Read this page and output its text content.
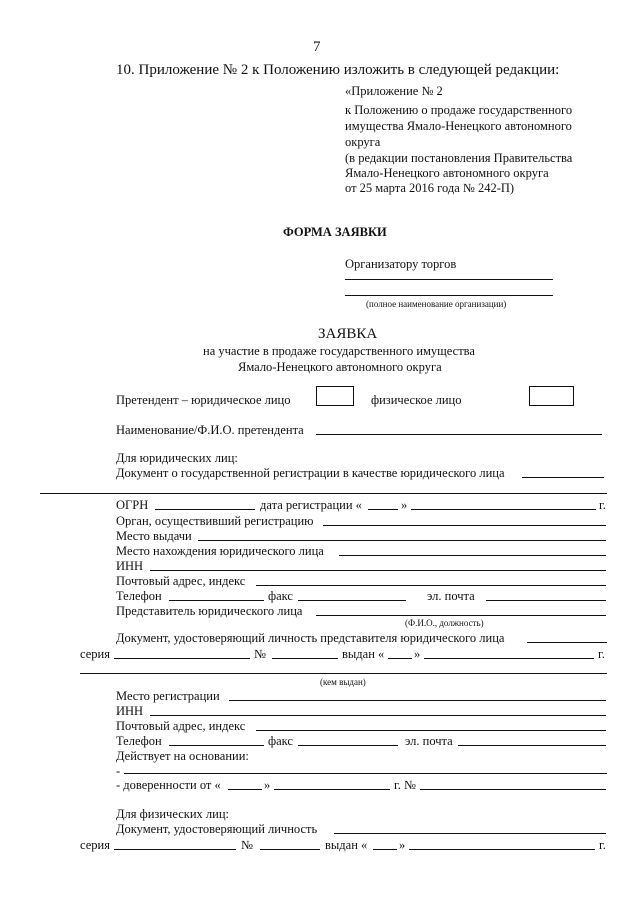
7
10. Приложение № 2 к Положению изложить в следующей редакции:
«Приложение № 2
к Положению о продаже государственного
имущества Ямало-Ненецкого автономного
округа
(в редакции постановления Правительства
Ямало-Ненецкого автономного округа
от 25 марта 2016 года № 242-П)
ФОРМА ЗАЯВКИ
Организатору торгов
(полное наименование организации)
ЗАЯВКА
на участие в продаже государственного имущества
Ямало-Ненецкого автономного округа
Претендент – юридическое лицо	физическое лицо
Наименование/Ф.И.О. претендента
Для юридических лиц:
Документ о государственной регистрации в качестве юридического лица
ОГРН	дата регистрации «	»	г.
Орган, осуществивший регистрацию
Место выдачи
Место нахождения юридического лица
ИНН
Почтовый адрес, индекс
Телефон	факс	эл. почта
Представитель юридического лица
(Ф.И.О., должность)
Документ, удостоверяющий личность представителя юридического лица
серия	№	выдан « »	г.
(кем выдан)
Место регистрации
ИНН
Почтовый адрес, индекс
Телефон	факс	эл. почта
Действует на основании:
-
- доверенности от «	»	г. №
Для физических лиц:
Документ, удостоверяющий личность
серия	№	выдан «	»	г.
